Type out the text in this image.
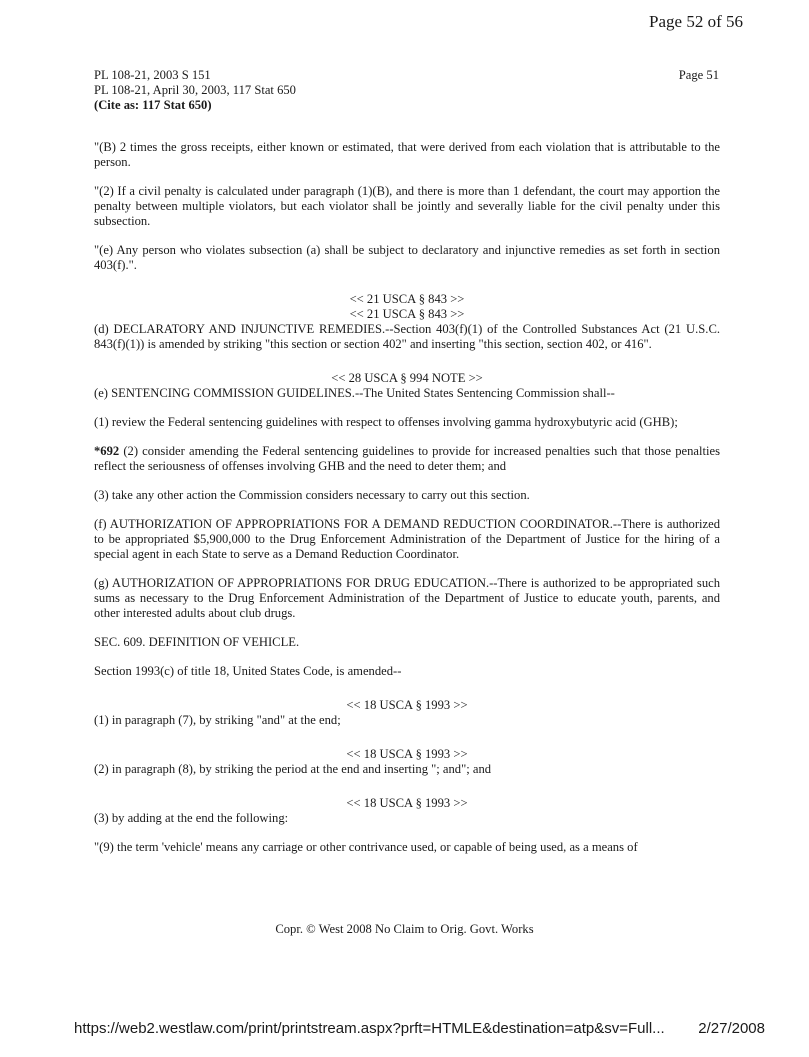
Page 52 of 56
PL 108-21, 2003 S 151
PL 108-21, April 30, 2003, 117 Stat 650
(Cite as: 117 Stat 650)
Page 51

"(B) 2 times the gross receipts, either known or estimated, that were derived from each violation that is attributable to the person.

"(2) If a civil penalty is calculated under paragraph (1)(B), and there is more than 1 defendant, the court may apportion the penalty between multiple violators, but each violator shall be jointly and severally liable for the civil penalty under this subsection.

"(e) Any person who violates subsection (a) shall be subject to declaratory and injunctive remedies as set forth in section 403(f).".

<< 21 USCA § 843 >>
<< 21 USCA § 843 >>

(d) DECLARATORY AND INJUNCTIVE REMEDIES.--Section 403(f)(1) of the Controlled Substances Act (21 U.S.C. 843(f)(1)) is amended by striking "this section or section 402" and inserting "this section, section 402, or 416".

<< 28 USCA § 994 NOTE >>

(e) SENTENCING COMMISSION GUIDELINES.--The United States Sentencing Commission shall--

(1) review the Federal sentencing guidelines with respect to offenses involving gamma hydroxybutyric acid (GHB);

*692 (2) consider amending the Federal sentencing guidelines to provide for increased penalties such that those penalties reflect the seriousness of offenses involving GHB and the need to deter them; and

(3) take any other action the Commission considers necessary to carry out this section.

(f) AUTHORIZATION OF APPROPRIATIONS FOR A DEMAND REDUCTION COORDINATOR.--There is authorized to be appropriated $5,900,000 to the Drug Enforcement Administration of the Department of Justice for the hiring of a special agent in each State to serve as a Demand Reduction Coordinator.

(g) AUTHORIZATION OF APPROPRIATIONS FOR DRUG EDUCATION.--There is authorized to be appropriated such sums as necessary to the Drug Enforcement Administration of the Department of Justice to educate youth, parents, and other interested adults about club drugs.

SEC. 609. DEFINITION OF VEHICLE.

Section 1993(c) of title 18, United States Code, is amended--

<< 18 USCA § 1993 >>

(1) in paragraph (7), by striking "and" at the end;

<< 18 USCA § 1993 >>

(2) in paragraph (8), by striking the period at the end and inserting "; and"; and

<< 18 USCA § 1993 >>

(3) by adding at the end the following:

"(9) the term 'vehicle' means any carriage or other contrivance used, or capable of being used, as a means of

Copr. © West 2008 No Claim to Orig. Govt. Works
https://web2.westlaw.com/print/printstream.aspx?prft=HTMLE&destination=atp&sv=Full... 2/27/2008
